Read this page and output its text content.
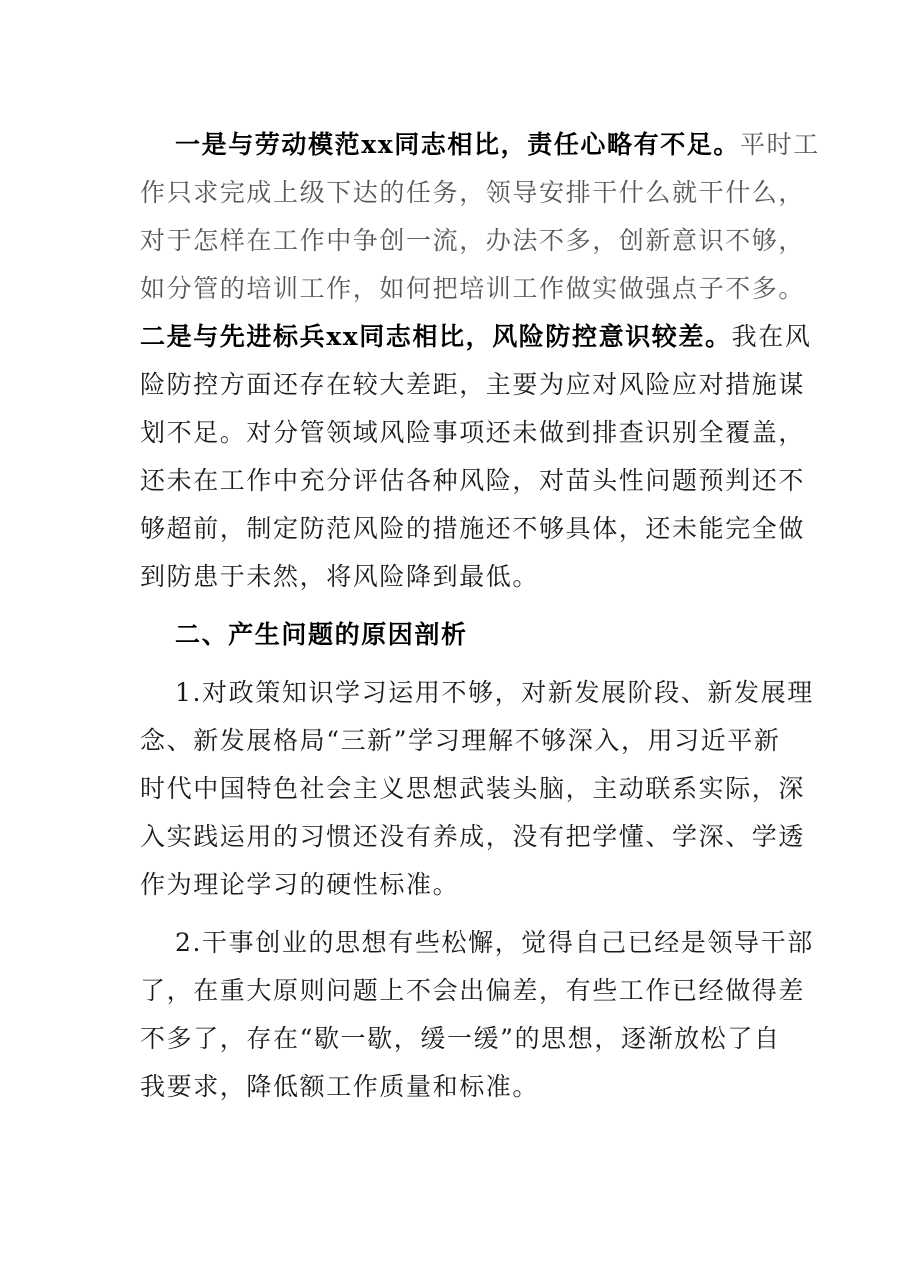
一是与劳动模范xx同志相比，责任心略有不足。平时工
作只求完成上级下达的任务，领导安排干什么就干什么，
对于怎样在工作中争创一流，办法不多，创新意识不够，
如分管的培训工作，如何把培训工作做实做强点子不多。
二是与先进标兵xx同志相比，风险防控意识较差。我在风
险防控方面还存在较大差距，主要为应对风险应对措施谋
划不足。对分管领域风险事项还未做到排查识别全覆盖，
还未在工作中充分评估各种风险，对苗头性问题预判还不
够超前，制定防范风险的措施还不够具体，还未能完全做
到防患于未然，将风险降到最低。
二、产生问题的原因剖析
1.对政策知识学习运用不够，对新发展阶段、新发展理
念、新发展格局“三新”学习理解不够深入，用习近平新
时代中国特色社会主义思想武装头脑，主动联系实际，深
入实践运用的习惯还没有养成，没有把学懂、学深、学透
作为理论学习的硬性标准。
2.干事创业的思想有些松懈，觉得自己已经是领导干部
了，在重大原则问题上不会出偏差，有些工作已经做得差
不多了，存在“歇一歇，缓一缓”的思想，逐渐放松了自
我要求，降低额工作质量和标准。
